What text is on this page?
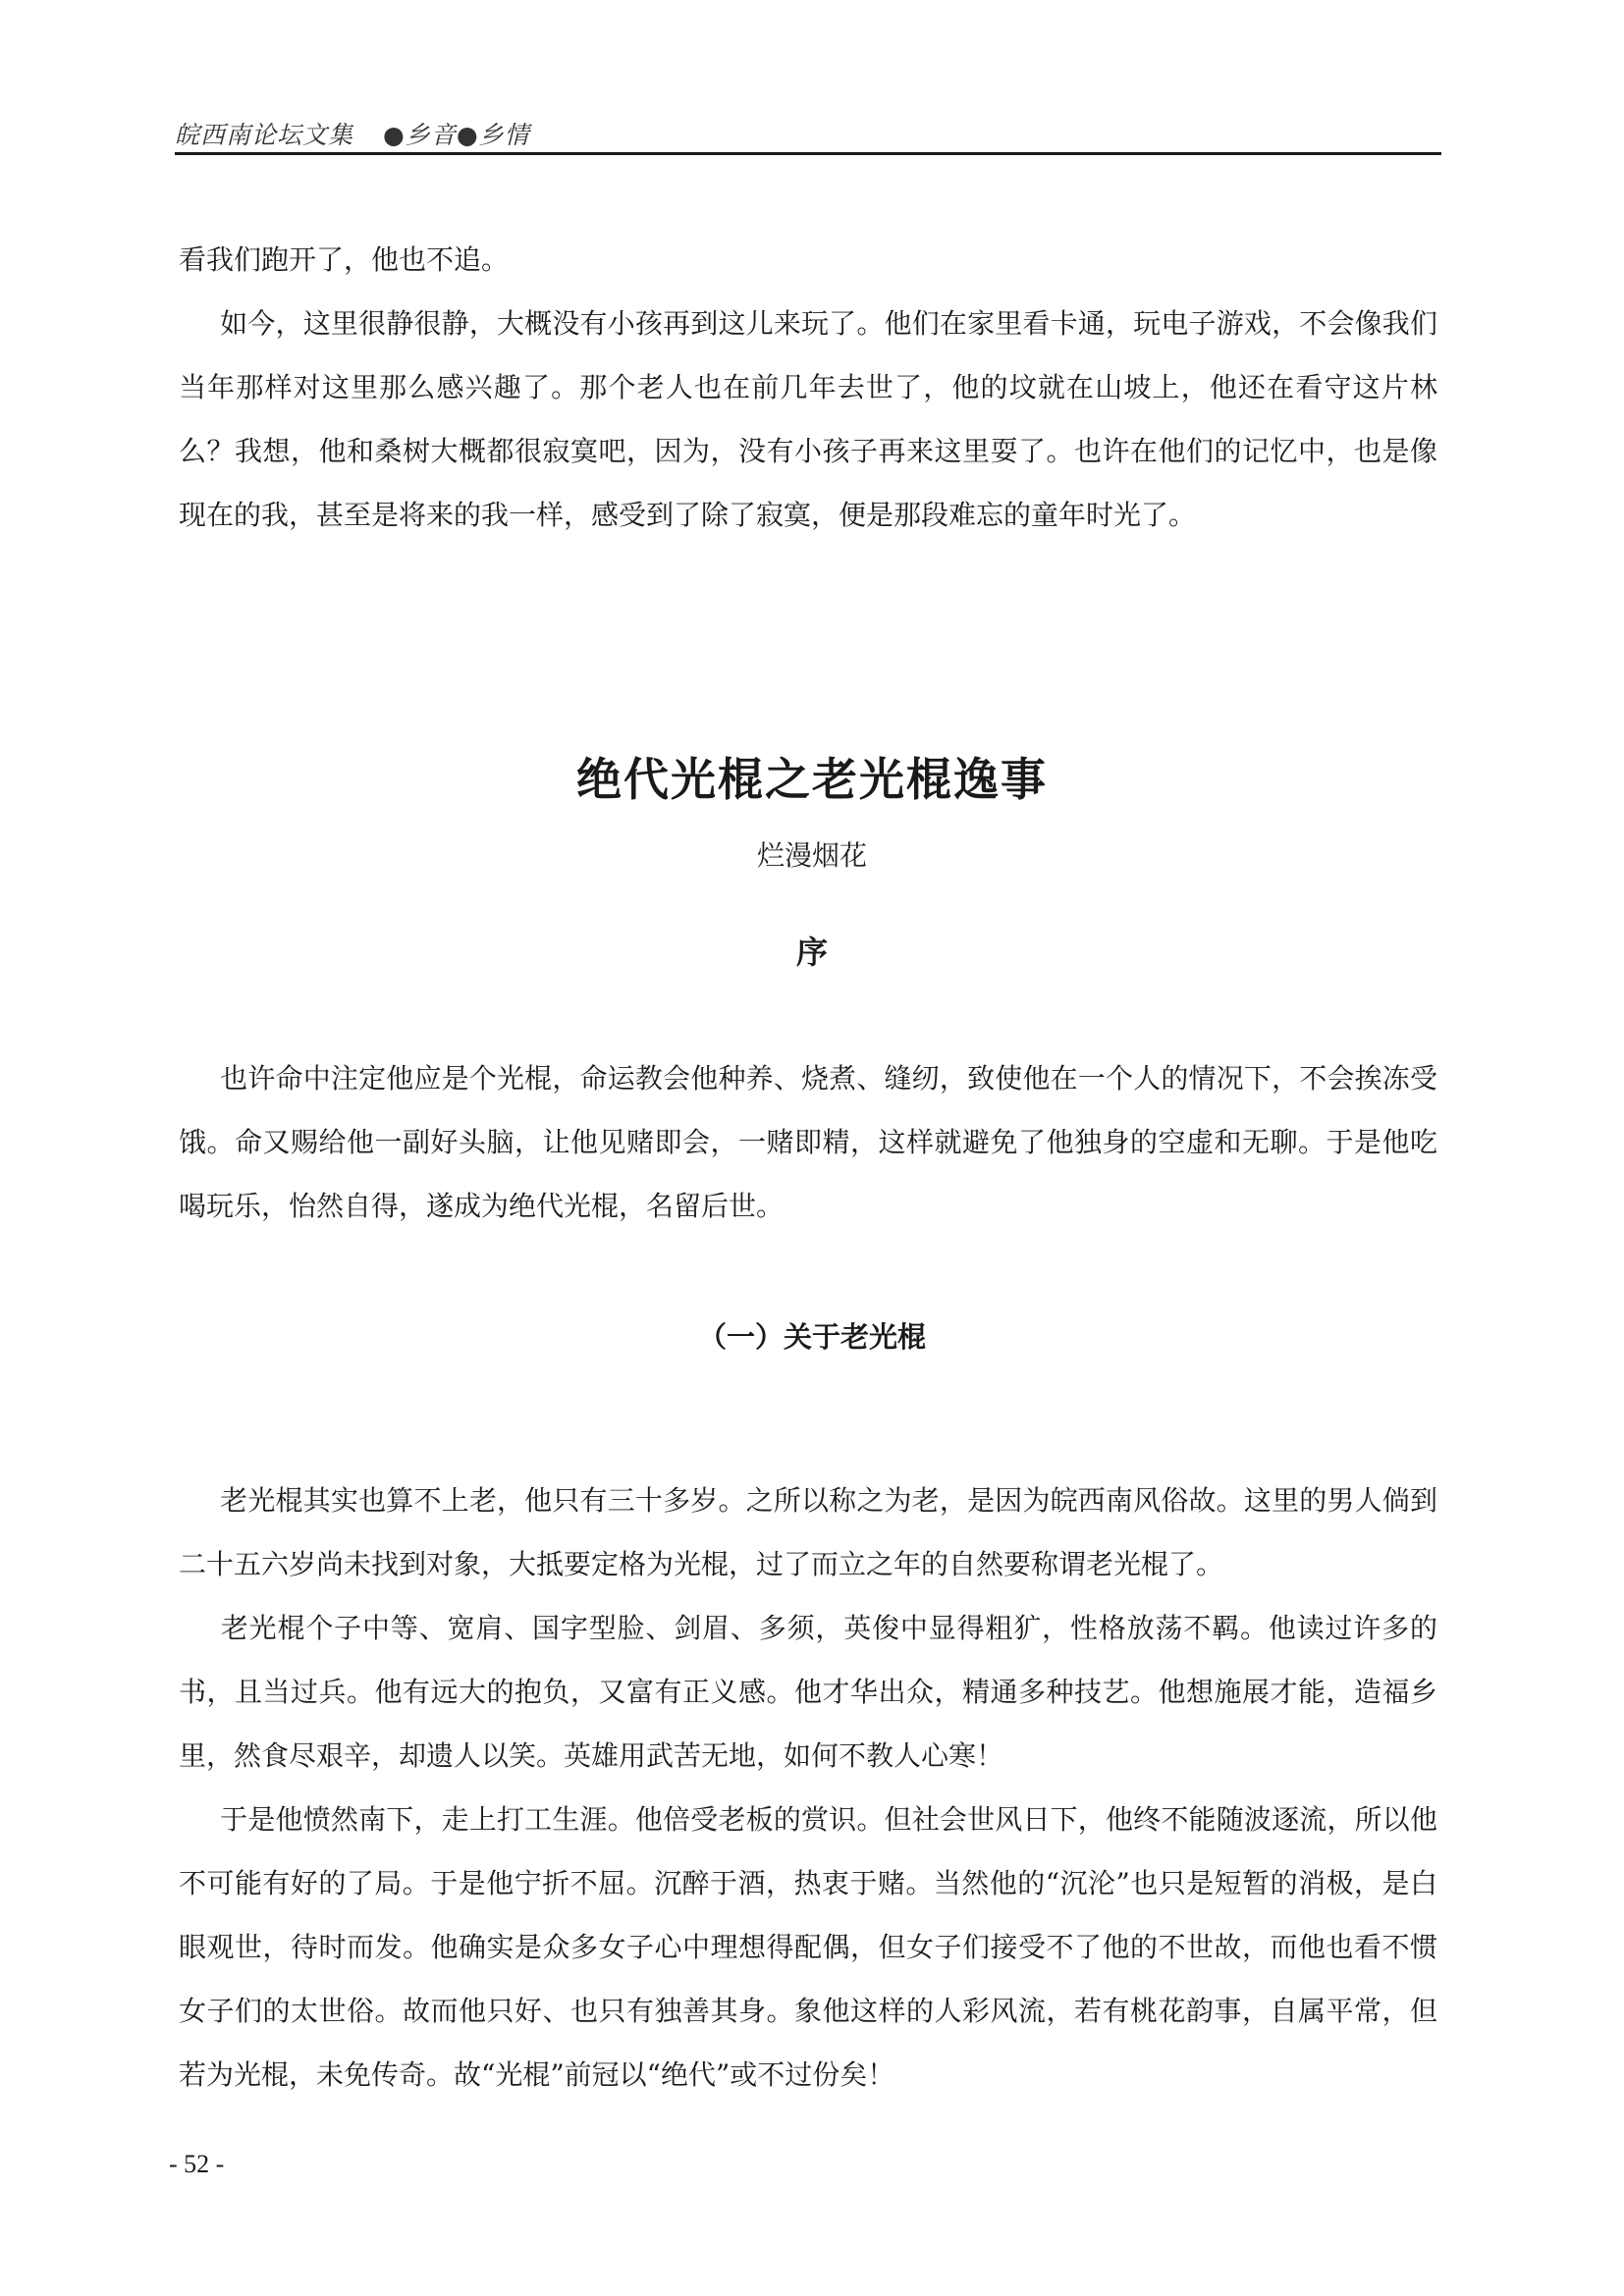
皖西南论坛文集 ●乡音●乡情

看我们跑开了，他也不追。

如今，这里很静很静，大概没有小孩再到这儿来玩了。他们在家里看卡通，玩电子游戏，不会像我们当年那样对这里那么感兴趣了。那个老人也在前几年去世了，他的坟就在山坡上，他还在看守这片林么？我想，他和桑树大概都很寂寞吧，因为，没有小孩子再来这里耍了。也许在他们的记忆中，也是像现在的我，甚至是将来的我一样，感受到了除了寂寞，便是那段难忘的童年时光了。

绝代光棍之老光棍逸事
烂漫烟花
序

也许命中注定他应是个光棍，命运教会他种养、烧煮、缝纫，致使他在一个人的情况下，不会挨冻受饿。命又赐给他一副好头脑，让他见赌即会，一赌即精，这样就避免了他独身的空虚和无聊。于是他吃喝玩乐，怡然自得，遂成为绝代光棍，名留后世。

（一）关于老光棍

老光棍其实也算不上老，他只有三十多岁。之所以称之为老，是因为皖西南风俗故。这里的男人倘到二十五六岁尚未找到对象，大抵要定格为光棍，过了而立之年的自然要称谓老光棍了。

老光棍个子中等、宽肩、国字型脸、剑眉、多须，英俊中显得粗犷，性格放荡不羁。他读过许多的书，且当过兵。他有远大的抱负，又富有正义感。他才华出众，精通多种技艺。他想施展才能，造福乡里，然食尽艰辛，却遗人以笑。英雄用武苦无地，如何不教人心寒！

于是他愤然南下，走上打工生涯。他倍受老板的赏识。但社会世风日下，他终不能随波逐流，所以他不可能有好的了局。于是他宁折不屈。沉醉于酒，热衷于赌。当然他的“沉沦”也只是短暂的消极，是白眼观世，待时而发。他确实是众多女子心中理想得配偶，但女子们接受不了他的不世故，而他也看不惯女子们的太世俗。故而他只好、也只有独善其身。象他这样的人彩风流，若有桃花韵事，自属平常，但若为光棍，未免传奇。故“光棍”前冠以“绝代”或不过份矣！

- 52 -
